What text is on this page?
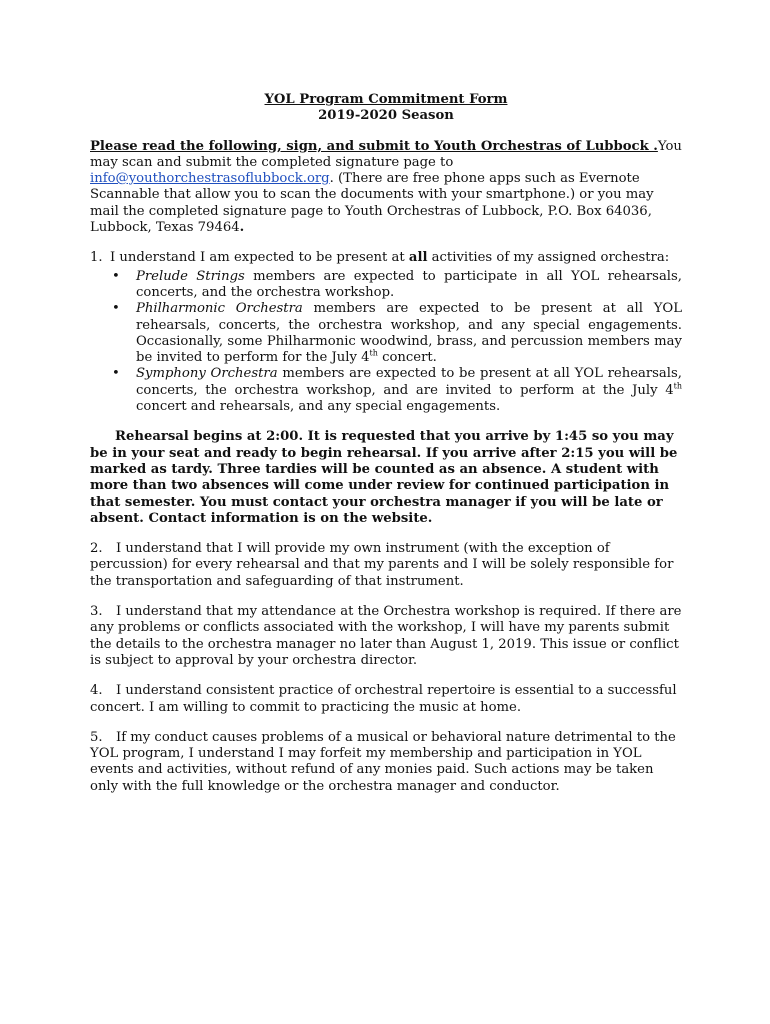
YOL Program Commitment Form

2019-2020 Season

Please read the following, sign, and submit to Youth Orchestras of Lubbock .You may scan and submit the completed signature page to info@youthorchestrasoflubbock.org. (There are free phone apps such as Evernote Scannable that allow you to scan the documents with your smartphone.) or you may mail the completed signature page to Youth Orchestras of Lubbock, P.O. Box 64036, Lubbock, Texas 79464.

1. I understand I am expected to be present at all activities of my assigned orchestra:

• Prelude Strings members are expected to participate in all YOL rehearsals, concerts, and the orchestra workshop.
• Philharmonic Orchestra members are expected to be present at all YOL rehearsals, concerts, the orchestra workshop, and any special engagements. Occasionally, some Philharmonic woodwind, brass, and percussion members may be invited to perform for the July 4th concert.
• Symphony Orchestra members are expected to be present at all YOL rehearsals, concerts, the orchestra workshop, and are invited to perform at the July 4th concert and rehearsals, and any special engagements.

Rehearsal begins at 2:00. It is requested that you arrive by 1:45 so you may be in your seat and ready to begin rehearsal. If you arrive after 2:15 you will be marked as tardy. Three tardies will be counted as an absence. A student with more than two absences will come under review for continued participation in that semester. You must contact your orchestra manager if you will be late or absent. Contact information is on the website.

2. I understand that I will provide my own instrument (with the exception of percussion) for every rehearsal and that my parents and I will be solely responsible for the transportation and safeguarding of that instrument.

3. I understand that my attendance at the Orchestra workshop is required. If there are any problems or conflicts associated with the workshop, I will have my parents submit the details to the orchestra manager no later than August 1, 2019. This issue or conflict is subject to approval by your orchestra director.

4. I understand consistent practice of orchestral repertoire is essential to a successful concert. I am willing to commit to practicing the music at home.

5. If my conduct causes problems of a musical or behavioral nature detrimental to the YOL program, I understand I may forfeit my membership and participation in YOL events and activities, without refund of any monies paid. Such actions may be taken only with the full knowledge or the orchestra manager and conductor.
